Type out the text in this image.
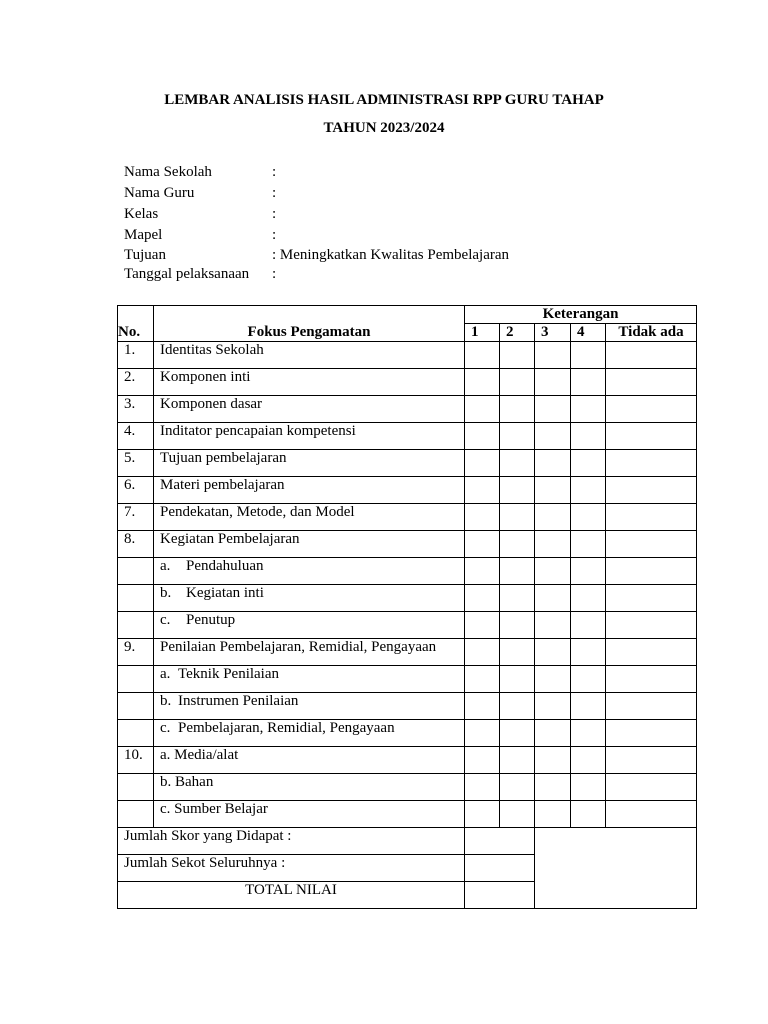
LEMBAR ANALISIS HASIL ADMINISTRASI RPP GURU TAHAP
TAHUN 2023/2024
Nama Sekolah	:
Nama Guru	:
Kelas	:
Mapel	:
Tujuan	: Meningkatkan Kwalitas Pembelajaran
Tanggal pelaksanaan :
No.	Fokus Pengamatan	Keterangan				
		1	2	3	4	Tidak ada
1.	Identitas Sekolah					
2.	Komponen inti					
3.	Komponen dasar					
4.	Inditator pencapaian kompetensi					
5.	Tujuan pembelajaran					
6.	Materi pembelajaran					
7.	Pendekatan, Metode, dan Model					
8.	Kegiatan Pembelajaran					
	a. Pendahuluan					
	b. Kegiatan inti					
	c. Penutup					
9.	Penilaian Pembelajaran, Remidial, Pengayaan					
	a. Teknik Penilaian					
	b. Instrumen Penilaian					
	c. Pembelajaran, Remidial, Pengayaan					
10.	a. Media/alat					
	b. Bahan					
	c. Sumber Belajar					
Jumlah Skor yang Didapat :						
Jumlah Sekot Seluruhnya :						
TOTAL NILAI						
